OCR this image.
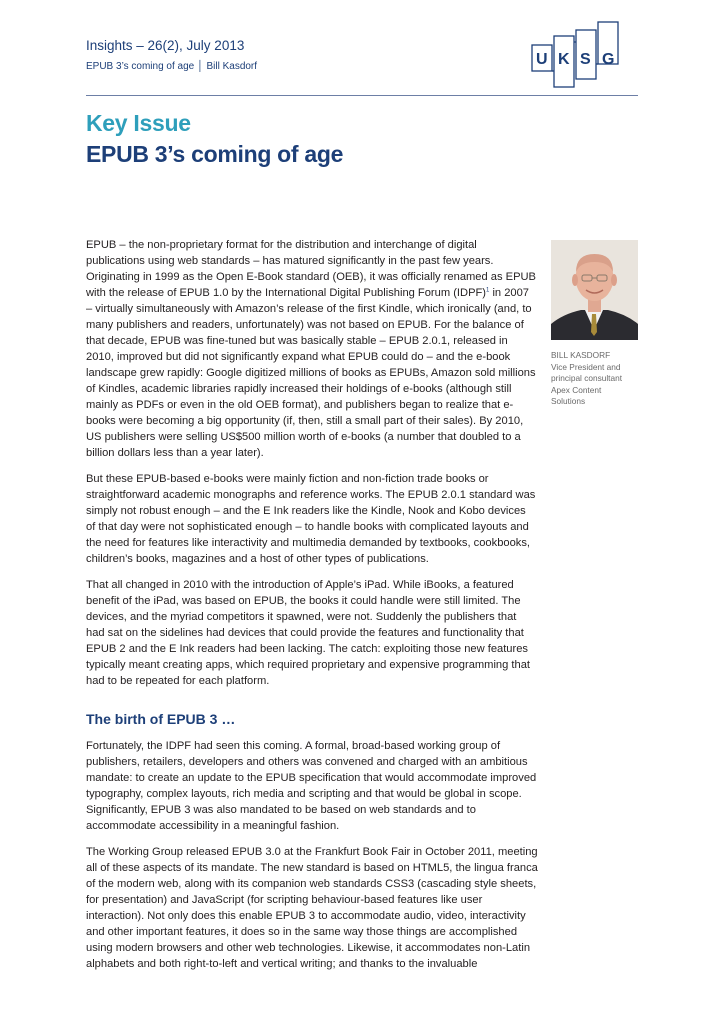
Insights – 26(2), July 2013
EPUB 3’s coming of age │ Bill Kasdorf	U K S G
Key Issue
EPUB 3’s coming of age

EPUB – the non-proprietary format for the distribution and interchange of digital publications using web standards – has matured significantly in the past few years. Originating in 1999 as the Open E-Book standard (OEB), it was officially renamed as EPUB with the release of EPUB 1.0 by the International Digital Publishing Forum (IDPF)$^1$ in 2007 – virtually simultaneously with Amazon’s release of the first Kindle, which ironically (and, to many publishers and readers, unfortunately) was not based on EPUB. For the balance of that decade, EPUB was fine-tuned but was basically stable – EPUB 2.0.1, released in 2010, improved but did not significantly expand what EPUB could do – and the e-book landscape grew rapidly: Google digitized millions of books as EPUBs, Amazon sold millions of Kindles, academic libraries rapidly increased their holdings of e-books (although still mainly as PDFs or even in the old OEB format), and publishers began to realize that e-books were becoming a big opportunity (if, then, still a small part of their sales). By 2010, US publishers were selling US$500 million worth of e-books (a number that doubled to a billion dollars less than a year later).

But these EPUB-based e-books were mainly fiction and non-fiction trade books or straightforward academic monographs and reference works. The EPUB 2.0.1 standard was simply not robust enough – and the E Ink readers like the Kindle, Nook and Kobo devices of that day were not sophisticated enough – to handle books with complicated layouts and the need for features like interactivity and multimedia demanded by textbooks, cookbooks, children’s books, magazines and a host of other types of publications.

That all changed in 2010 with the introduction of Apple’s iPad. While iBooks, a featured benefit of the iPad, was based on EPUB, the books it could handle were still limited. The devices, and the myriad competitors it spawned, were not. Suddenly the publishers that had sat on the sidelines had devices that could provide the features and functionality that EPUB 2 and the E Ink readers had been lacking. The catch: exploiting those new features typically meant creating apps, which required proprietary and expensive programming that had to be repeated for each platform.

The birth of EPUB 3 …

Fortunately, the IDPF had seen this coming. A formal, broad-based working group of publishers, retailers, developers and others was convened and charged with an ambitious mandate: to create an update to the EPUB specification that would accommodate improved typography, complex layouts, rich media and scripting and that would be global in scope. Significantly, EPUB 3 was also mandated to be based on web standards and to accommodate accessibility in a meaningful fashion.

The Working Group released EPUB 3.0 at the Frankfurt Book Fair in October 2011, meeting all of these aspects of its mandate. The new standard is based on HTML5, the lingua franca of the modern web, along with its companion web standards CSS3 (cascading style sheets, for presentation) and JavaScript (for scripting behaviour-based features like user interaction). Not only does this enable EPUB 3 to accommodate audio, video, interactivity and other important features, it does so in the same way those things are accomplished using modern browsers and other web technologies. Likewise, it accommodates non-Latin alphabets and both right-to-left and vertical writing; and thanks to the invaluable

BILL KASDORF
Vice President and
principal consultant
Apex Content
Solutions
